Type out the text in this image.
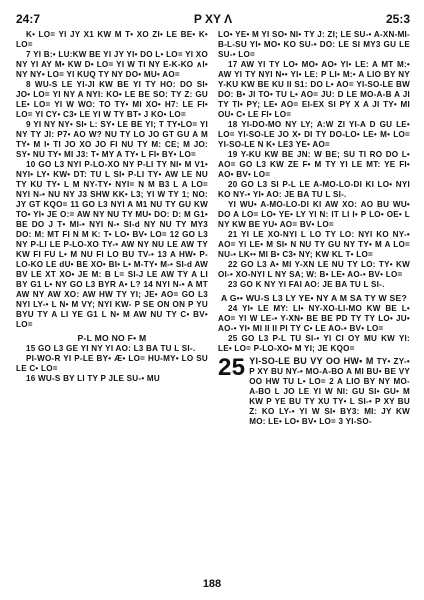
24:7	P XY Ʌ	25:3

K• LO= YI JY X1 KW M T• XO ZI• LE BE• K• LO=

7 YI B:• LU:KW BE YI JY YI• DO L• LO= YI XO NY YI AY M• KW D• LO= YI W TI NY E-K-KO ∧I• NY NY• LO= YI KUQ TY NY DO• MU• AO=

8 WU-S LE YI-JI KW BE YI TY HO: DO SI• JO• LO= YI NY A NYI: KO• LE BE SO: TY Z: GU LE• LO= YI W WO: TO TY• MI XO• H7: LE FI• LO= YI CY• C3• LE YI W TY BT• J KO• LO=

9 YI NY NY• SI• L: SY• LE BE YI; T TY•LO= YI NY TY JI: P7• AO W? NU TY LO JO GT GU A M TY• M I• TI JO XO JO FI NU TY M: CE; M JO: SY• NU TY• MI J3: T• MY A TY• L FI• BY• LO=

10 GO L3 NYI P-LO-XO NY P-LI TY NI• M V1• NYI• LY• KW• DT: TU L SI• P-LI TY• AW LE NU TY KU TY• L M NY-TY• NYI= N M B3 L A LO= NYI N-• NU NY J3 SHW KK• L3; YI W TY 1; NO: JY GT KQO= 11 GO L3 NYI A M1 NU TY GU KW TO• YI• JE O:= AW NY NU TY MU• DO: D: M G1• BE DO J T• MI-• NYI N-• SI-d NY NU TY MY3 DO: M: MT FI N M K: T• LO• BV• LO= 12 GO L3 NY P-LI LE P-LO-XO TY-• AW NY NU LE AW TY KW FI FU L• M NU FI LO BU TV-• 13 A HW• P-LO-KO LE dU• BE XO• BI• L• M-TY• M-• SI-d AW BV LE XT XO• JE M: B L= SI-J LE AW TY A LI BY G1 L• NY GO L3 BYR A• L? 14 NYI N-• A MT AW NY AW XO: AW HW TY YI; JE• AO= GO L3 NYI LY-• L N• M VY; NYI KW- P SE ON ON P YU BYU TY A LI YE G1 L N• M AW NU TY C• BV• LO=

P-L MO NO F• M

15 GO L3 GE YI NY YI AO: L3 BA TU L SI-.

PI-WO-R YI P-LE BY• Æ• LO= HU-MY• LO SU LE C• LO=

16 WU-S BY LI TY P JLE SU-• MU

LO• YE• M YI SO• NI• TY J: ZI; LE SU-• A-XN-MI-B-L-SU YI• MO• KO SU-• DO: LE SI MY3 GU LE SU-• LO=

17 AW YI TY LO• MO• AO• YI• LE: A MT M:• AW YI TY NYI N•• YI• LE: P LI• M:• A LIO BY NY Y-KU KW BE KU II S1: DO L• AO= YI-SO-LE BW DO: B• JI TO• TU L• AO= JU: D LE MO-A-B A JI TY TI• PY; LE• AO= EI-EX SI PY X A JI TY• MI OU• C• LE FI• LO=

18 YI-DO-MO NY LY; A:W ZI YI-A D GU LE• LO= YI-SO-LE JO X• DI TY DO-LO• LE• M• LO= YI-SO-LE N K• LE3 YE• AO=

19 Y-KU KW BE JN: W BE; SU TI RO DO L• AO= GO L3 KW ZE F• M TY YI LE MT: YE FI• AO• BV• LO=

20 GO L3 SI P-L LE A-MO-LO-DI KI LO• NYI KO NY-• YI• AO: JE BA TU L SI-.

YI WU• A-MO-LO-DI KI AW XO: AO BU WU• DO A LO= LO• YE• LY YI N: IT LI I• P LO• OE• L NY KW BE YU• AO= BV• LO=

21 YI LE XO-NYI L LO TY LO: NYI KO NY-• AO= YI LE• M SI• N NU TY GU NY TY• M A LO= NU-• LK•• MI B• C3• NY; KW KL T• LO=

22 GO L3 A• MI Y-XN LE NU TY LO: TY• KW OI-• XO-NYI L NY SA; W: B• LE• AO-• BV• LO=

23 GO K NY YI FAI AO: JE BA TU L SI-.

A G•• WU-S L3 LY YE• NY A M SA TY W SE?

24 YI• LE MY: LI• NY-XO-LI-MO KW BE L• AO= YI W LE-• Y-XN• BE BE PD TY TY LO• JU• AO-• YI• MI II II PI TY C• LE AO-• BV• LO=

25 GO L3 P-L TU SI-• YI CI OY MU KW YI: LE• LO= P-LO-XO• M YI; JE KQO=

25 YI-SO-LE BU VY OO HW• M TY• ZY-• P XY BU NY-• MO-A-BO A MI BU• BE VY OO HW TU L• LO= 2 A LIO BY NY MO-A-BO L JO LE YI W NI: GU SI• GU• M KW P YE BU TY XU TY• L SI-• P XY BU Z: KO LY-• YI W SI• BY3: MI: JY KW MO: LE• LO• BV• LO= 3 YI-SO-
188
